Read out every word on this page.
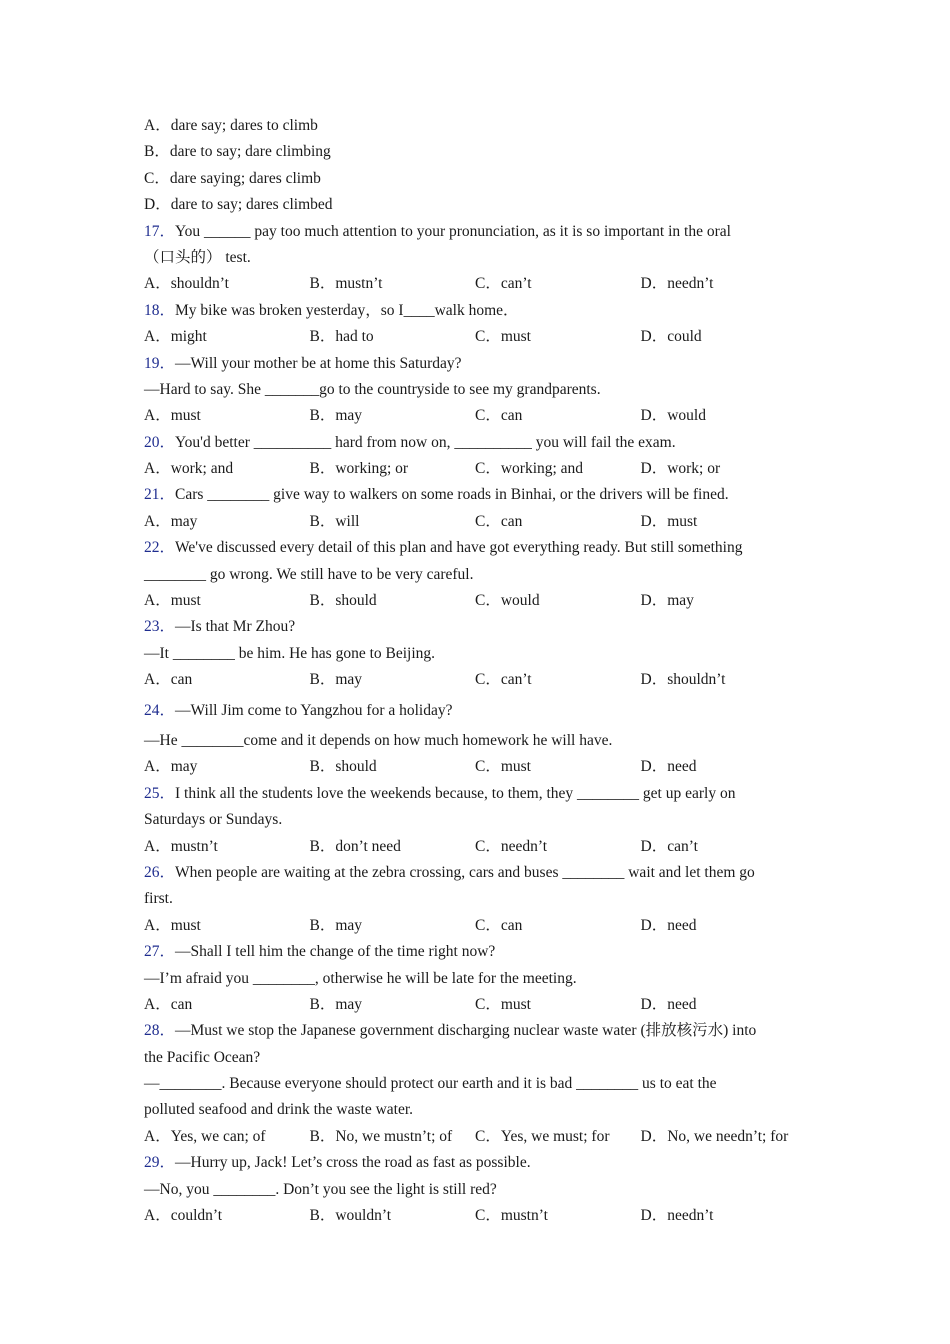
A．dare say; dares to climb
B．dare to say; dare climbing
C．dare saying; dares climb
D．dare to say; dares climbed
17．You ______ pay too much attention to your pronunciation, as it is so important in the oral
（口头的） test.
A．shouldn’t	B．mustn’t	C．can’t	D．needn’t
18．My bike was broken yesterday，so I____walk home．
A．might	B．had to	C．must	D．could
19．—Will your mother be at home this Saturday?
—Hard to say. She _______go to the countryside to see my grandparents.
A．must	B．may	C．can	D．would
20．You'd better __________ hard from now on, __________ you will fail the exam.
A．work; and	B．working; or	C．working; and	D．work; or
21．Cars ________ give way to walkers on some roads in Binhai, or the drivers will be fined.
A．may	B．will	C．can	D．must
22．We've discussed every detail of this plan and have got everything ready. But still something
________ go wrong. We still have to be very careful.
A．must	B．should	C．would	D．may
23．—Is that Mr Zhou?
—It ________ be him. He has gone to Beijing.
A．can	B．may	C．can’t	D．shouldn’t
24．—Will Jim come to Yangzhou for a holiday?
—He ________come and it depends on how much homework he will have.
A．may	B．should	C．must	D．need
25．I think all the students love the weekends because, to them, they ________ get up early on
Saturdays or Sundays.
A．mustn’t	B．don’t need	C．needn’t	D．can’t
26．When people are waiting at the zebra crossing, cars and buses ________ wait and let them go
first.
A．must	B．may	C．can	D．need
27．—Shall I tell him the change of the time right now?
—I’m afraid you ________, otherwise he will be late for the meeting.
A．can	B．may	C．must	D．need
28．—Must we stop the Japanese government discharging nuclear waste water (排放核污水) into
the Pacific Ocean?
—________. Because everyone should protect our earth and it is bad ________ us to eat the
polluted seafood and drink the waste water.
A．Yes, we can; of	B．No, we mustn’t; of	C．Yes, we must; for	D．No, we needn’t; for
29．—Hurry up, Jack! Let’s cross the road as fast as possible.
—No, you ________. Don’t you see the light is still red?
A．couldn’t	B．wouldn’t	C．mustn’t	D．needn’t
